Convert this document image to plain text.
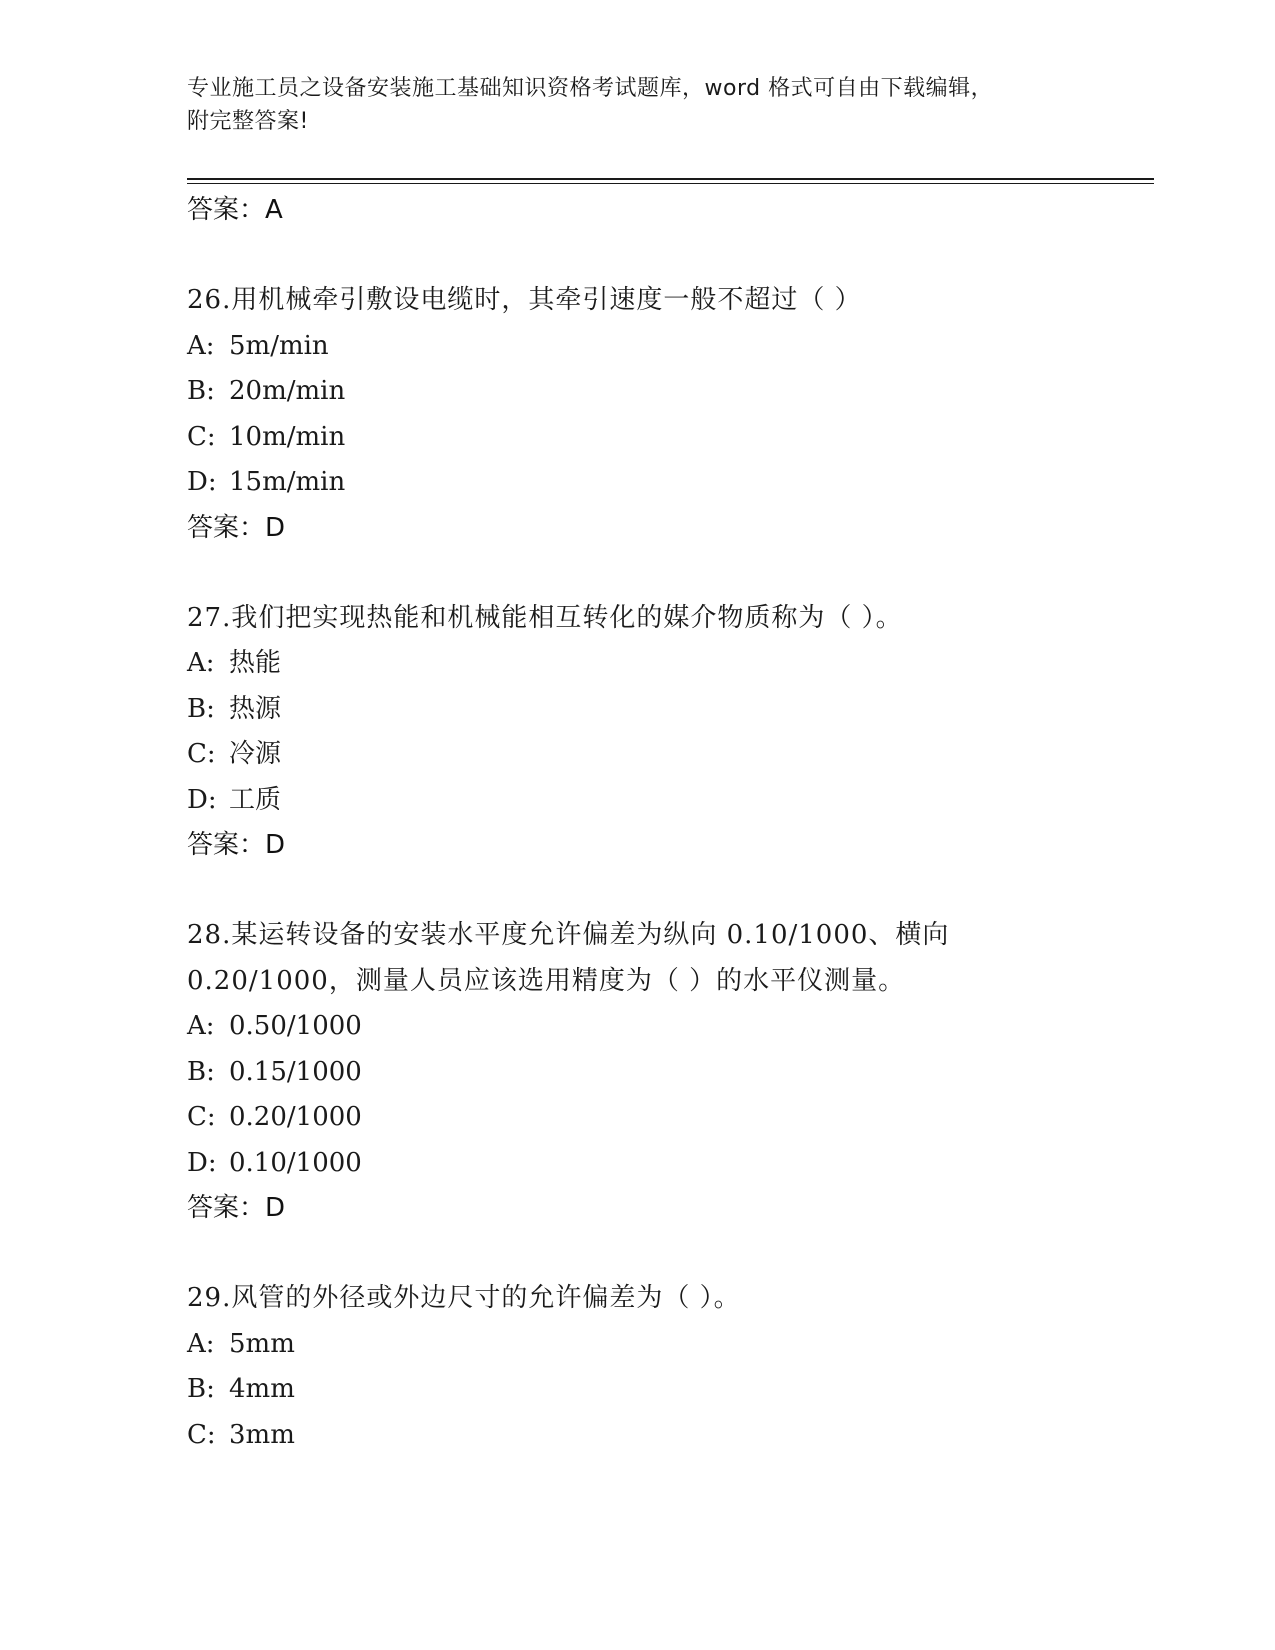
专业施工员之设备安装施工基础知识资格考试题库，word 格式可自由下载编辑，
附完整答案!
答案：A
26.用机械牵引敷设电缆时，其牵引速度一般不超过（ ）
A: 5m/min
B: 20m/min
C: 10m/min
D: 15m/min
答案：D
27.我们把实现热能和机械能相互转化的媒介物质称为（ ）。
A: 热能
B: 热源
C: 冷源
D: 工质
答案：D
28.某运转设备的安装水平度允许偏差为纵向 0.10/1000、横向
0.20/1000，测量人员应该选用精度为（ ）的水平仪测量。
A: 0.50/1000
B: 0.15/1000
C: 0.20/1000
D: 0.10/1000
答案：D
29.风管的外径或外边尺寸的允许偏差为（ ）。
A: 5mm
B: 4mm
C: 3mm
